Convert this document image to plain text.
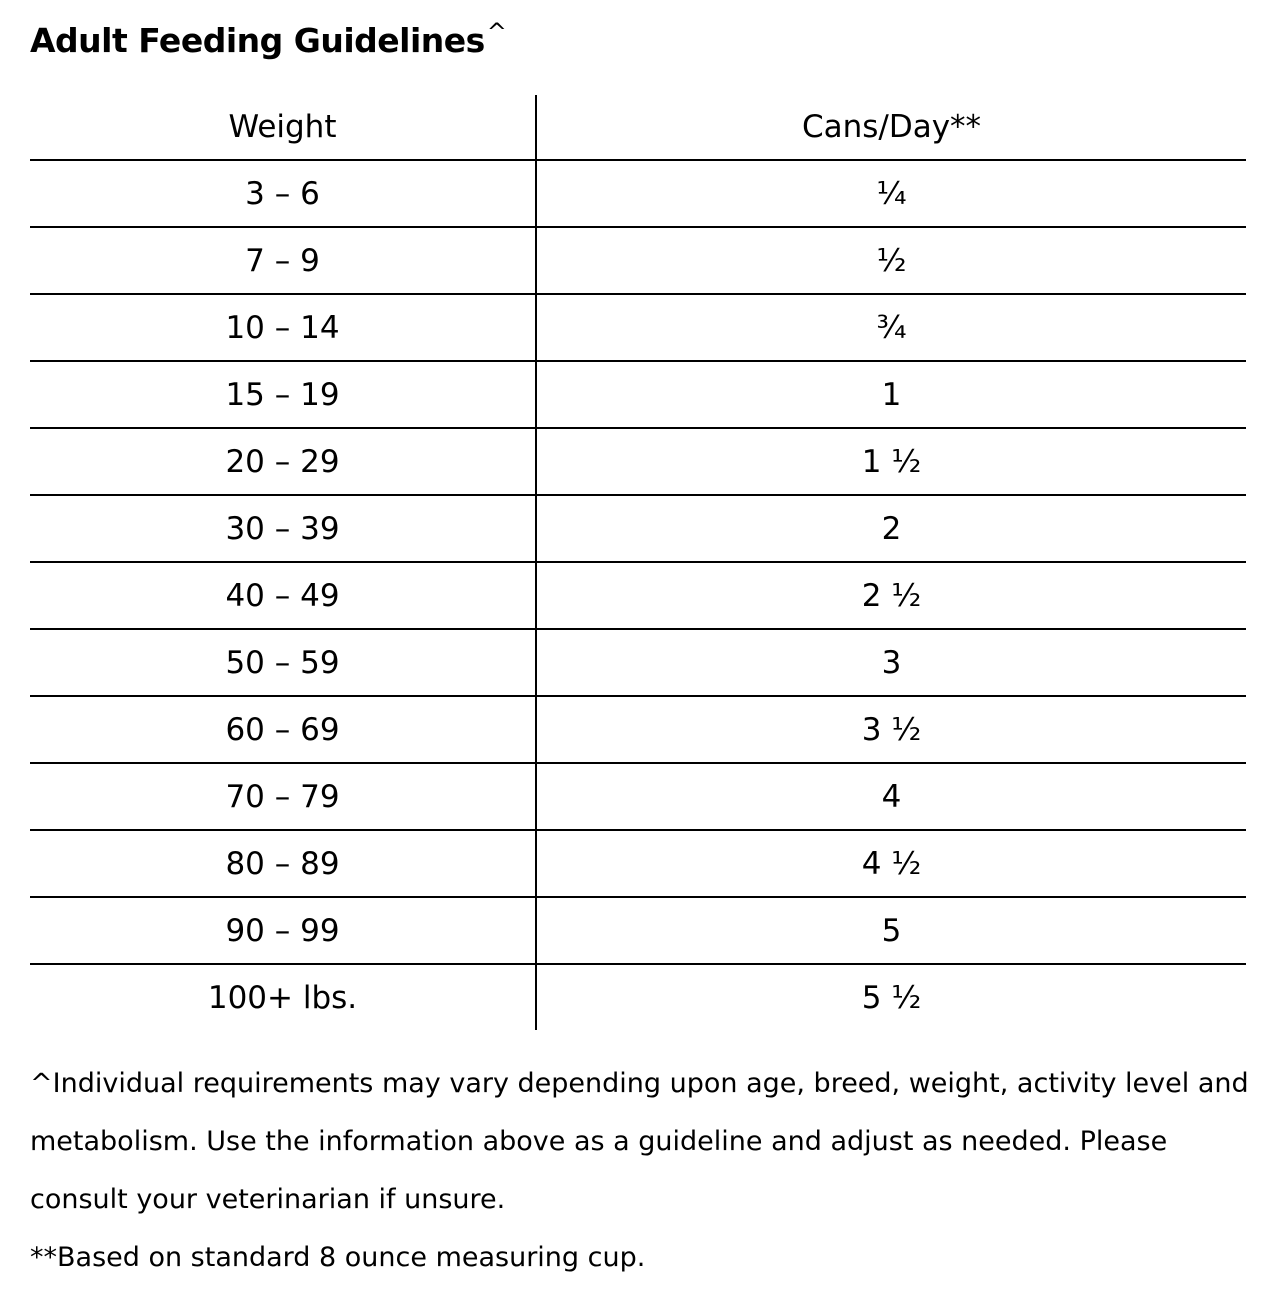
Adult Feeding Guidelines^
Weight	Cans/Day**
3 – 6	¼
7 – 9	½
10 – 14	¾
15 – 19	1
20 – 29	1 ½
30 – 39	2
40 – 49	2 ½
50 – 59	3
60 – 69	3 ½
70 – 79	4
80 – 89	4 ½
90 – 99	5
100+ lbs.	5 ½

^Individual requirements may vary depending upon age, breed, weight, activity level and metabolism. Use the information above as a guideline and adjust as needed. Please consult your veterinarian if unsure.

**Based on standard 8 ounce measuring cup.
